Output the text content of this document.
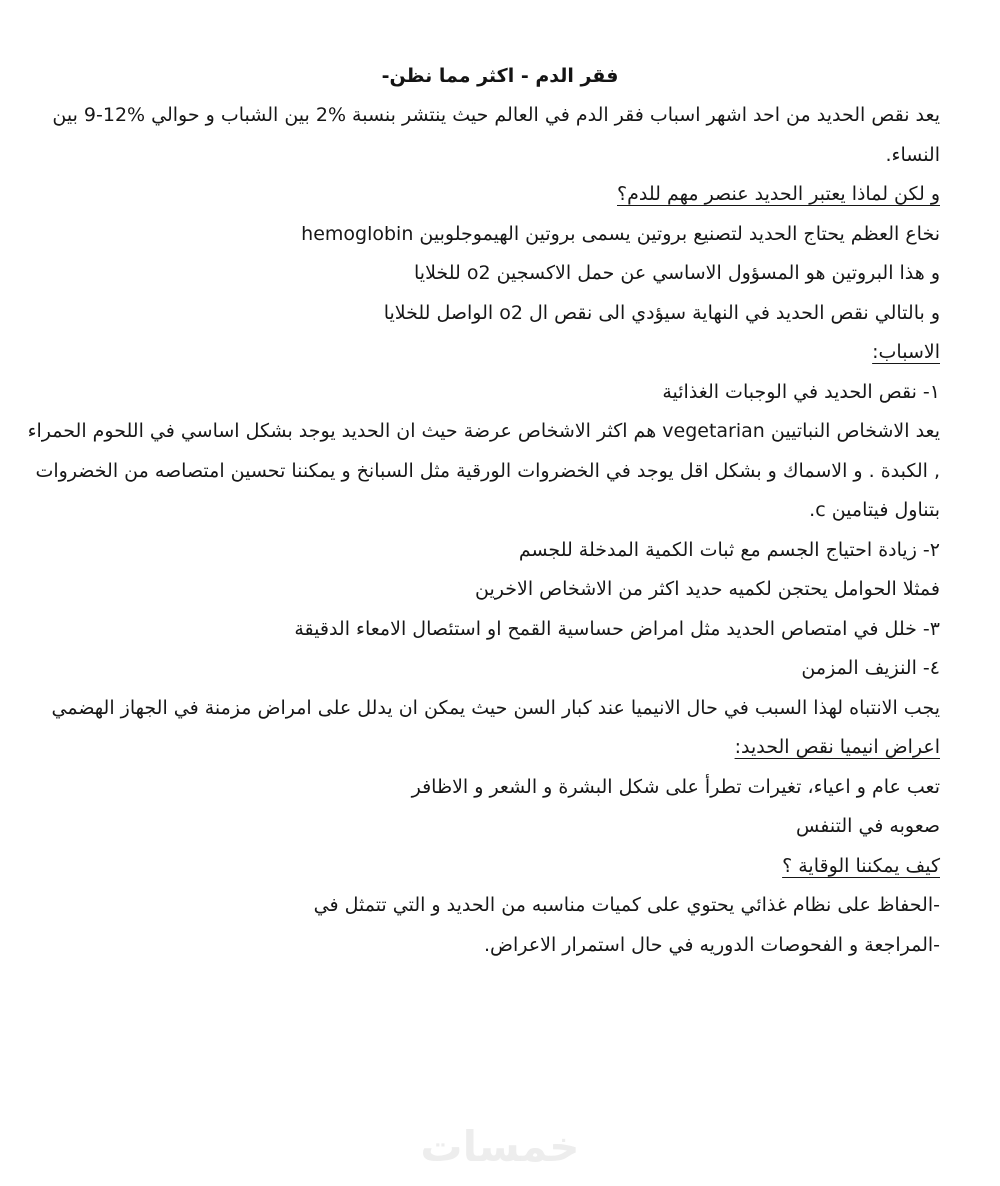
فقر الدم - اكثر مما نظن-
يعد نقص الحديد من احد اشهر اسباب فقر الدم في العالم حيث ينتشر بنسبة %2 بين الشباب و حوالي %12-9 بين
النساء.
و لكن لماذا يعتبر الحديد عنصر مهم للدم؟
نخاع العظم يحتاج الحديد لتصنيع بروتين يسمى بروتين الهيموجلوبين hemoglobin
و هذا البروتين هو المسؤول الاساسي عن حمل الاكسجين o2 للخلايا
و بالتالي نقص الحديد في النهاية سيؤدي الى نقص ال o2 الواصل للخلايا
الاسباب:
١- نقص الحديد في الوجبات الغذائية
يعد الاشخاص النباتيين vegetarian هم اكثر الاشخاص عرضة حيث ان الحديد يوجد بشكل اساسي في اللحوم الحمراء
, الكبدة . و الاسماك و بشكل اقل يوجد في الخضروات الورقية مثل السبانخ و يمكننا تحسين امتصاصه من الخضروات
بتناول فيتامين c.
٢- زيادة احتياج الجسم مع ثبات الكمية المدخلة للجسم
فمثلا الحوامل يحتجن لكميه حديد اكثر من الاشخاص الاخرين
٣- خلل في امتصاص الحديد مثل امراض حساسية القمح او استئصال الامعاء الدقيقة
٤- النزيف المزمن
يجب الانتباه لهذا السبب في حال الانيميا عند كبار السن حيث يمكن ان يدلل على امراض مزمنة في الجهاز الهضمي
اعراض انيميا نقص الحديد:
تعب عام و اعياء، تغيرات تطرأ على شكل البشرة و الشعر و الاظافر
صعوبه في التنفس
كيف يمكننا الوقاية ؟
-الحفاظ على نظام غذائي يحتوي على كميات مناسبه من الحديد و التي تتمثل في
-المراجعة و الفحوصات الدوريه في حال استمرار الاعراض.
خمسات
